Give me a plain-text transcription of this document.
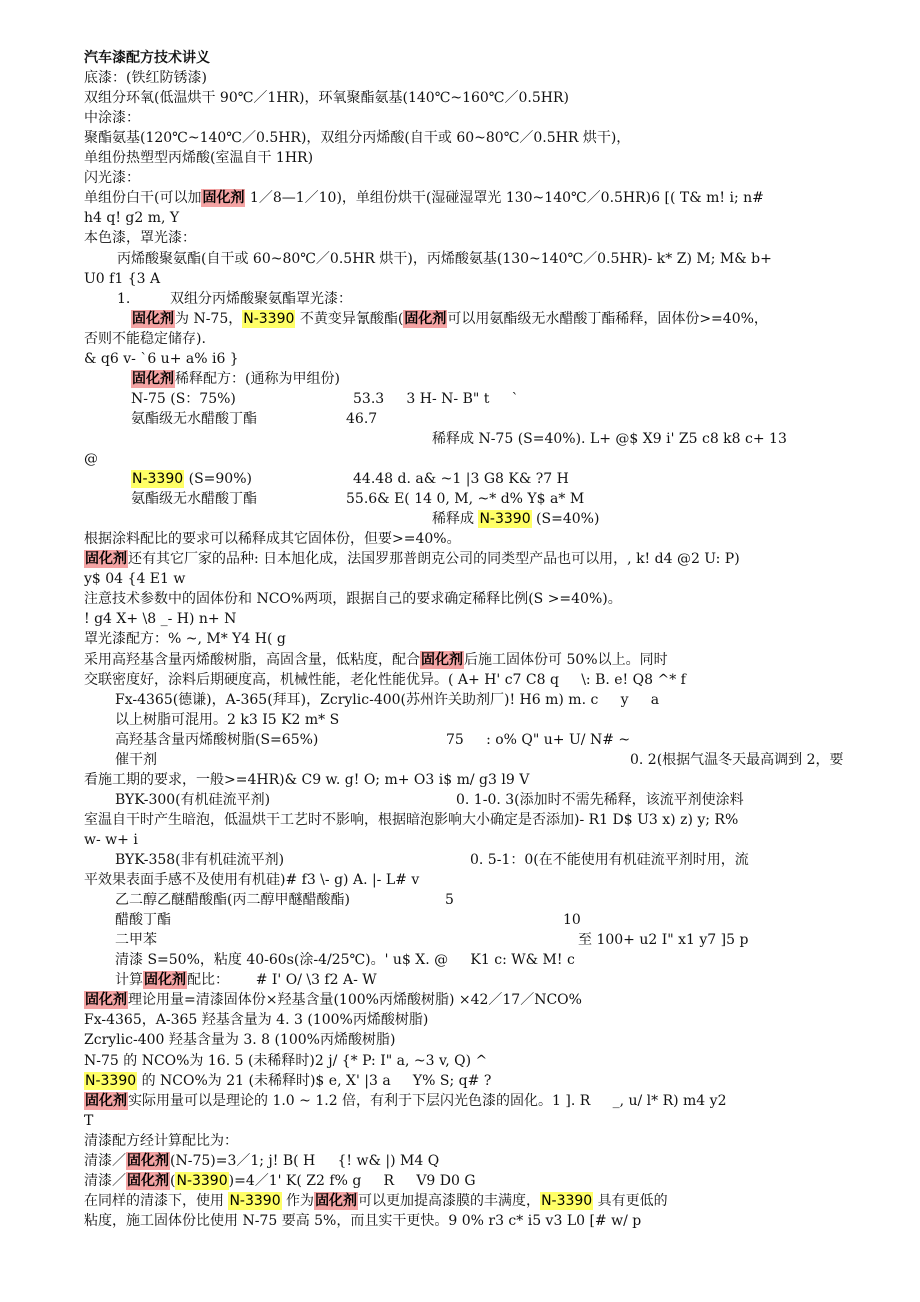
汽车漆配方技术讲义
底漆：(铁红防锈漆)
双组分环氧(低温烘干 90℃／1HR)，环氧聚酯氨基(140℃~160℃／0.5HR)
中涂漆：
聚酯氨基(120℃~140℃／0.5HR)，双组分丙烯酸(自干或 60~80℃／0.5HR 烘干)，
单组份热塑型丙烯酸(室温自干 1HR)
闪光漆：
单组份白干(可以加固化剂 1／8—1／10)，单组份烘干(湿碰湿罩光 130~140℃／0.5HR)6 [( T& m! i; n#
h4 q! g2 m, Y
本色漆，罩光漆：
丙烯酸聚氨酯(自干或 60~80℃／0.5HR 烘干)，丙烯酸氨基(130~140℃／0.5HR)- k* Z) M; M& b+
U0 f1 {3 A
1.	双组分丙烯酸聚氨酯罩光漆：
固化剂为 N-75，N-3390 不黄变异氰酸酯(固化剂可以用氨酯级无水醋酸丁酯稀释，固体份>=40%，
否则不能稳定储存).
& q6 v- `6 u+ a% i6 }
固化剂稀释配方：(通称为甲组份)
N-75 (S：75%)	53.3     3 H- N- B" t     `
氨酯级无水醋酸丁酯	46.7
稀释成 N-75 (S=40%). L+ @$ X9 i' Z5 c8 k8 c+ 13
@
N-3390 (S=90%)	44.48 d. a& ~1 |3 G8 K& ?7 H
氨酯级无水醋酸丁酯	55.6& E( 14 0, M, ~* d% Y$ a* M
稀释成 N-3390 (S=40%)
根据涂料配比的要求可以稀释成其它固体份，但要>=40%。
固化剂还有其它厂家的品种: 日本旭化成，法国罗那普朗克公司的同类型产品也可以用，, k! d4 @2 U: P)
y$ 04 {4 E1 w
注意技术参数中的固体份和 NCO%两项，跟据自己的要求确定稀释比例(S >=40%)。
! g4 X+ \8 _- H) n+ N
罩光漆配方：% ~, M* Y4 H( g
采用高羟基含量丙烯酸树脂，高固含量，低粘度，配合固化剂后施工固体份可 50%以上。同时
交联密度好，涂料后期硬度高，机械性能，老化性能优异。( A+ H' c7 C8 q     \: B. e! Q8 ^* f
Fx-4365(德谦)，A-365(拜耳)，Zcrylic-400(苏州许关助剂厂)! H6 m) m. c     y     a
以上树脂可混用。2 k3 I5 K2 m* S
高羟基含量丙烯酸树脂(S=65%)	75     : o% Q" u+ U/ N# ~
催干剂	0. 2(根据气温冬天最高调到 2，要
看施工期的要求，一般>=4HR)& C9 w. g! O; m+ O3 i$ m/ g3 l9 V
BYK-300(有机硅流平剂)	0. 1-0. 3(添加时不需先稀释，该流平剂使涂料
室温自干时产生暗泡，低温烘干工艺时不影响，根据暗泡影响大小确定是否添加)- R1 D$ U3 x) z) y; R%
w- w+ i
BYK-358(非有机硅流平剂)	0. 5-1：0(在不能使用有机硅流平剂时用，流
平效果表面手感不及使用有机硅)# f3 \- g) A. |- L# v
乙二醇乙醚醋酸酯(丙二醇甲醚醋酸酯)	5
醋酸丁酯	10
二甲苯	至 100+ u2 I" x1 y7 ]5 p
清漆 S=50%，粘度 40-60s(涂-4/25℃)。' u$ X. @     K1 c: W& M! c
计算固化剂配比：      # I' O/ \3 f2 A- W
固化剂理论用量=清漆固体份×羟基含量(100%丙烯酸树脂) ×42／17／NCO%
Fx-4365，A-365 羟基含量为 4. 3 (100%丙烯酸树脂)
Zcrylic-400 羟基含量为 3. 8 (100%丙烯酸树脂)
N-75 的 NCO%为 16. 5 (未稀释时)2 j/ {* P: I" a, ~3 v, Q) ^
N-3390 的 NCO%为 21 (未稀释时)$ e, X' |3 a     Y% S; q# ?
固化剂实际用量可以是理论的 1.0 ~ 1.2 倍，有利于下层闪光色漆的固化。1 ]. R     _, u/ l* R) m4 y2
T
清漆配方经计算配比为：
清漆／固化剂(N-75)=3／1; j! B( H     {! w& |) M4 Q
清漆／固化剂(N-3390)=4／1' K( Z2 f% g     R     V9 D0 G
在同样的清漆下，使用 N-3390 作为固化剂可以更加提高漆膜的丰满度，N-3390 具有更低的
粘度，施工固体份比使用 N-75 要高 5%，而且实干更快。9 0% r3 c* i5 v3 L0 [# w/ p
